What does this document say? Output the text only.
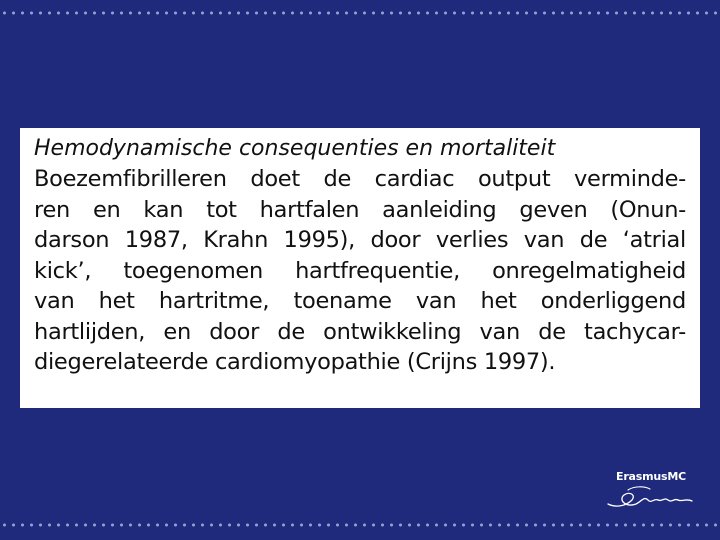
Hemodynamische consequenties en mortaliteit

Boezemfibrilleren doet de cardiac output verminde-
ren en kan tot hartfalen aanleiding geven (Onun-
darson 1987, Krahn 1995), door verlies van de ‘atrial
kick’, toegenomen hartfrequentie, onregelmatigheid
van het hartritme, toename van het onderliggend
hartlijden, en door de ontwikkeling van de tachycar-
diegerelateerde cardiomyopathie (Crijns 1997).
ErasmusMC
